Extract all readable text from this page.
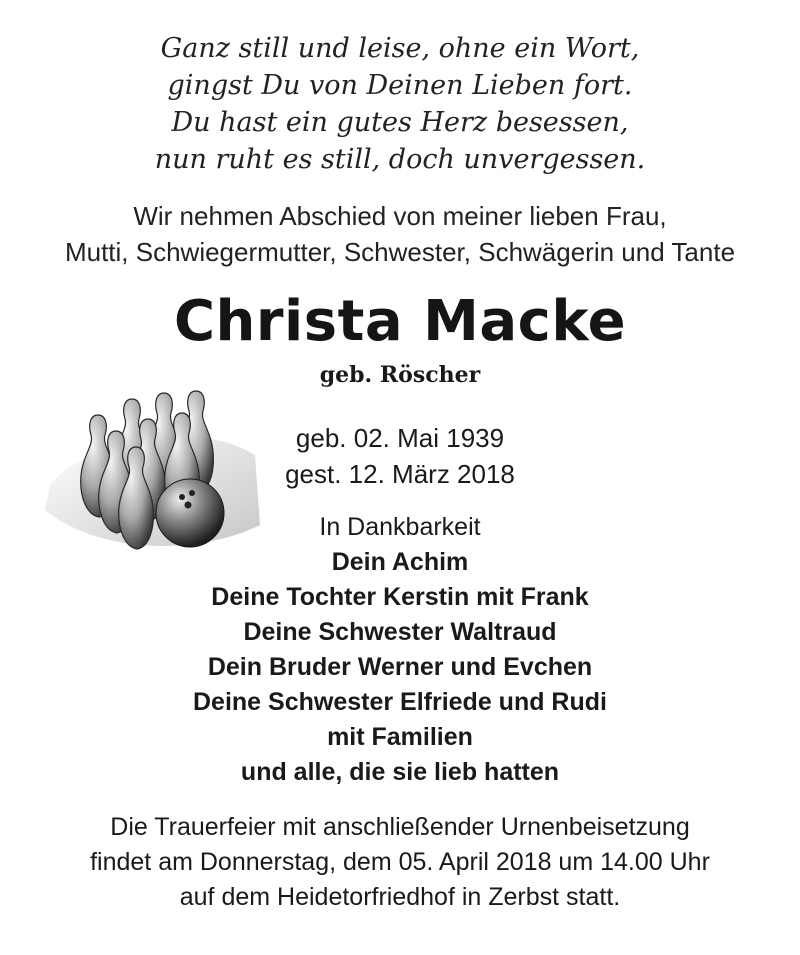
Ganz still und leise, ohne ein Wort,
gingst Du von Deinen Lieben fort.
Du hast ein gutes Herz besessen,
nun ruht es still, doch unvergessen.
Wir nehmen Abschied von meiner lieben Frau,
Mutti, Schwiegermutter, Schwester, Schwägerin und Tante
Christa Macke
geb. Röscher
geb. 02. Mai 1939
gest. 12. März 2018
In Dankbarkeit
Dein Achim
Deine Tochter Kerstin mit Frank
Deine Schwester Waltraud
Dein Bruder Werner und Evchen
Deine Schwester Elfriede und Rudi
mit Familien
und alle, die sie lieb hatten
Die Trauerfeier mit anschließender Urnenbeisetzung
findet am Donnerstag, dem 05. April 2018 um 14.00 Uhr
auf dem Heidetorfriedhof in Zerbst statt.
